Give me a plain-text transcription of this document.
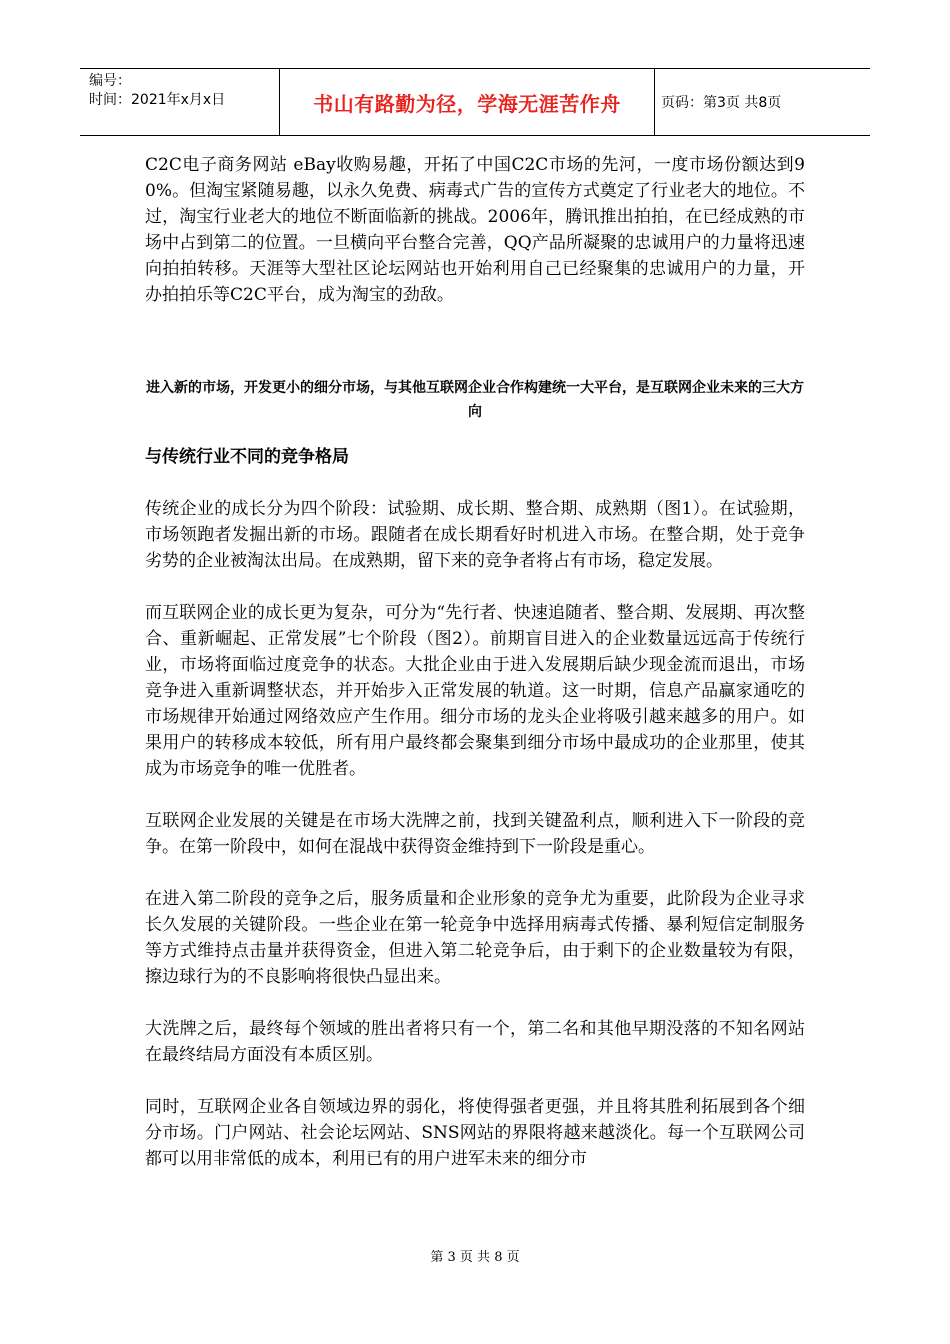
编号：
时间：2021年x月x日	书山有路勤为径，学海无涯苦作舟	页码：第3页 共8页

C2C电子商务网站 eBay收购易趣，开拓了中国C2C市场的先河，一度市场份额达到90%。但淘宝紧随易趣，以永久免费、病毒式广告的宣传方式奠定了行业老大的地位。不过，淘宝行业老大的地位不断面临新的挑战。2006年，腾讯推出拍拍，在已经成熟的市场中占到第二的位置。一旦横向平台整合完善，QQ产品所凝聚的忠诚用户的力量将迅速向拍拍转移。天涯等大型社区论坛网站也开始利用自己已经聚集的忠诚用户的力量，开办拍拍乐等C2C平台，成为淘宝的劲敌。

进入新的市场，开发更小的细分市场，与其他互联网企业合作构建统一大平台，是互联网企业未来的三大方向

与传统行业不同的竞争格局

传统企业的成长分为四个阶段：试验期、成长期、整合期、成熟期（图1）。在试验期，市场领跑者发掘出新的市场。跟随者在成长期看好时机进入市场。在整合期，处于竞争劣势的企业被淘汰出局。在成熟期，留下来的竞争者将占有市场，稳定发展。

而互联网企业的成长更为复杂，可分为“先行者、快速追随者、整合期、发展期、再次整合、重新崛起、正常发展”七个阶段（图2）。前期盲目进入的企业数量远远高于传统行业，市场将面临过度竞争的状态。大批企业由于进入发展期后缺少现金流而退出，市场竞争进入重新调整状态，并开始步入正常发展的轨道。这一时期，信息产品赢家通吃的市场规律开始通过网络效应产生作用。细分市场的龙头企业将吸引越来越多的用户。如果用户的转移成本较低，所有用户最终都会聚集到细分市场中最成功的企业那里，使其成为市场竞争的唯一优胜者。

互联网企业发展的关键是在市场大洗牌之前，找到关键盈利点，顺利进入下一阶段的竞争。在第一阶段中，如何在混战中获得资金维持到下一阶段是重心。

在进入第二阶段的竞争之后，服务质量和企业形象的竞争尤为重要，此阶段为企业寻求长久发展的关键阶段。一些企业在第一轮竞争中选择用病毒式传播、暴利短信定制服务等方式维持点击量并获得资金，但进入第二轮竞争后，由于剩下的企业数量较为有限，擦边球行为的不良影响将很快凸显出来。

大洗牌之后，最终每个领域的胜出者将只有一个，第二名和其他早期没落的不知名网站在最终结局方面没有本质区别。

同时，互联网企业各自领域边界的弱化，将使得强者更强，并且将其胜利拓展到各个细分市场。门户网站、社会论坛网站、SNS网站的界限将越来越淡化。每一个互联网公司都可以用非常低的成本，利用已有的用户进军未来的细分市

第 3 页 共 8 页
